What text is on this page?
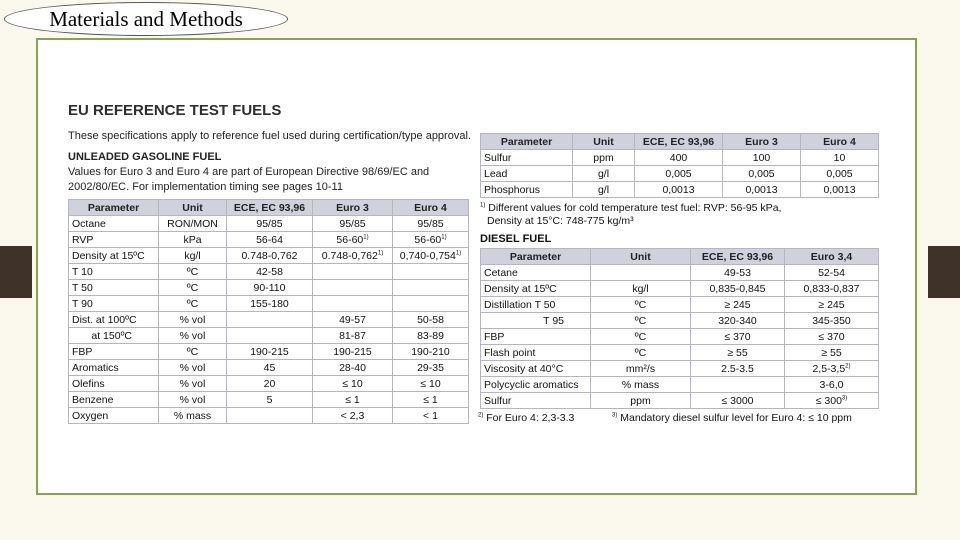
Materials and Methods
EU REFERENCE TEST FUELS
These specifications apply to reference fuel used during certification/type approval.
UNLEADED GASOLINE FUEL
Values for Euro 3 and Euro 4 are part of European Directive 98/69/EC and
2002/80/EC. For implementation timing see pages 10-11
Parameter	Unit	ECE, EC 93,96	Euro 3	Euro 4
Octane	RON/MON	95/85	95/85	95/85
RVP	kPa	56-64	56-60$^{1)}$	56-60$^{1)}$
Density at 15ºC	kg/l	0.748-0,762	0.748-0,762$^{1)}$	0,740-0,754$^{1)}$
T 10	ºC	42-58		
T 50	ºC	90-110		
T 90	ºC	155-180		
Dist. at 100ºC	% vol		49-57	50-58
at 150ºC	% vol		81-87	83-89
FBP	ºC	190-215	190-215	190-210
Aromatics	% vol	45	28-40	29-35
Olefins	% vol	20	≤ 10	≤ 10
Benzene	% vol	5	≤ 1	≤ 1
Oxygen	% mass		< 2,3	< 1
Parameter	Unit	ECE, EC 93,96	Euro 3	Euro 4
Sulfur	ppm	400	100	10
Lead	g/l	0,005	0,005	0,005
Phosphorus	g/l	0,0013	0,0013	0,0013
$^{1)}$ Different values for cold temperature test fuel: RVP: 56-95 kPa,
Density at 15°C: 748-775 kg/m³
DIESEL FUEL
Parameter	Unit	ECE, EC 93,96	Euro 3,4
Cetane		49-53	52-54
Density at 15ºC	kg/l	0,835-0,845	0,833-0,837
Distillation T 50	ºC	≥ 245	≥ 245
T 95	ºC	320-340	345-350
FBP	ºC	≤ 370	≤ 370
Flash point	ºC	≥ 55	≥ 55
Viscosity at 40°C	mm²/s	2.5-3.5	2,5-3,5$^{2)}$
Polycyclic aromatics	% mass		3-6,0
Sulfur	ppm	≤ 3000	≤ $300^{3)}$
$^{2)}$ For Euro 4: 2,3-3.3	$^{3)}$ Mandatory diesel sulfur level for Euro 4: ≤ 10 ppm
